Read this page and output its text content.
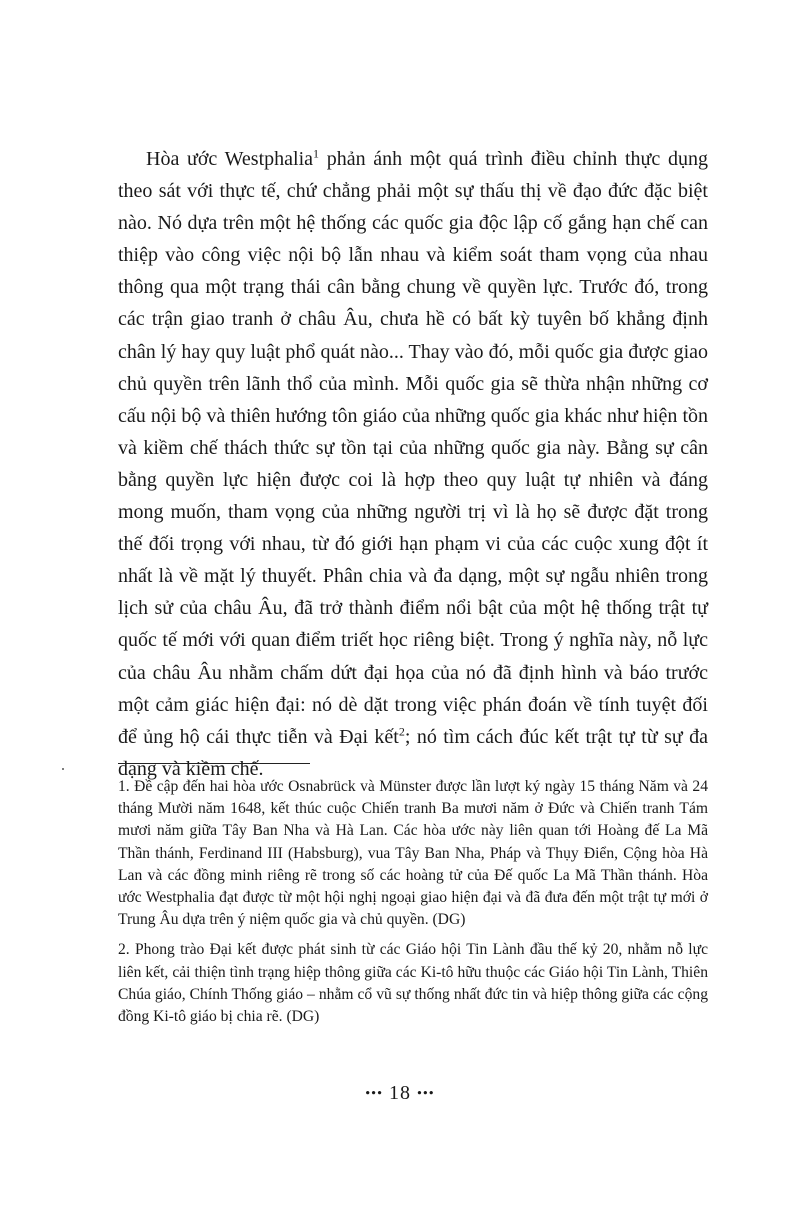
Hòa ước Westphalia$^1$ phản ánh một quá trình điều chỉnh thực dụng theo sát với thực tế, chứ chẳng phải một sự thấu thị về đạo đức đặc biệt nào. Nó dựa trên một hệ thống các quốc gia độc lập cố gắng hạn chế can thiệp vào công việc nội bộ lẫn nhau và kiểm soát tham vọng của nhau thông qua một trạng thái cân bằng chung về quyền lực. Trước đó, trong các trận giao tranh ở châu Âu, chưa hề có bất kỳ tuyên bố khẳng định chân lý hay quy luật phổ quát nào... Thay vào đó, mỗi quốc gia được giao chủ quyền trên lãnh thổ của mình. Mỗi quốc gia sẽ thừa nhận những cơ cấu nội bộ và thiên hướng tôn giáo của những quốc gia khác như hiện tồn và kiềm chế thách thức sự tồn tại của những quốc gia này. Bằng sự cân bằng quyền lực hiện được coi là hợp theo quy luật tự nhiên và đáng mong muốn, tham vọng của những người trị vì là họ sẽ được đặt trong thế đối trọng với nhau, từ đó giới hạn phạm vi của các cuộc xung đột ít nhất là về mặt lý thuyết. Phân chia và đa dạng, một sự ngẫu nhiên trong lịch sử của châu Âu, đã trở thành điểm nổi bật của một hệ thống trật tự quốc tế mới với quan điểm triết học riêng biệt. Trong ý nghĩa này, nỗ lực của châu Âu nhằm chấm dứt đại họa của nó đã định hình và báo trước một cảm giác hiện đại: nó dè dặt trong việc phán đoán về tính tuyệt đối để ủng hộ cái thực tiễn và Đại kết$^2$; nó tìm cách đúc kết trật tự từ sự đa dạng và kiềm chế.

1. Đề cập đến hai hòa ước Osnabrück và Münster được lần lượt ký ngày 15 tháng Năm và 24 tháng Mười năm 1648, kết thúc cuộc Chiến tranh Ba mươi năm ở Đức và Chiến tranh Tám mươi năm giữa Tây Ban Nha và Hà Lan. Các hòa ước này liên quan tới Hoàng đế La Mã Thần thánh, Ferdinand III (Habsburg), vua Tây Ban Nha, Pháp và Thụy Điển, Cộng hòa Hà Lan và các đồng minh riêng rẽ trong số các hoàng tử của Đế quốc La Mã Thần thánh. Hòa ước Westphalia đạt được từ một hội nghị ngoại giao hiện đại và đã đưa đến một trật tự mới ở Trung Âu dựa trên ý niệm quốc gia và chủ quyền. (DG)

2. Phong trào Đại kết được phát sinh từ các Giáo hội Tin Lành đầu thế kỷ 20, nhằm nỗ lực liên kết, cải thiện tình trạng hiệp thông giữa các Ki-tô hữu thuộc các Giáo hội Tin Lành, Thiên Chúa giáo, Chính Thống giáo – nhằm cổ vũ sự thống nhất đức tin và hiệp thông giữa các cộng đồng Ki-tô giáo bị chia rẽ. (DG)

••• 18 •••
